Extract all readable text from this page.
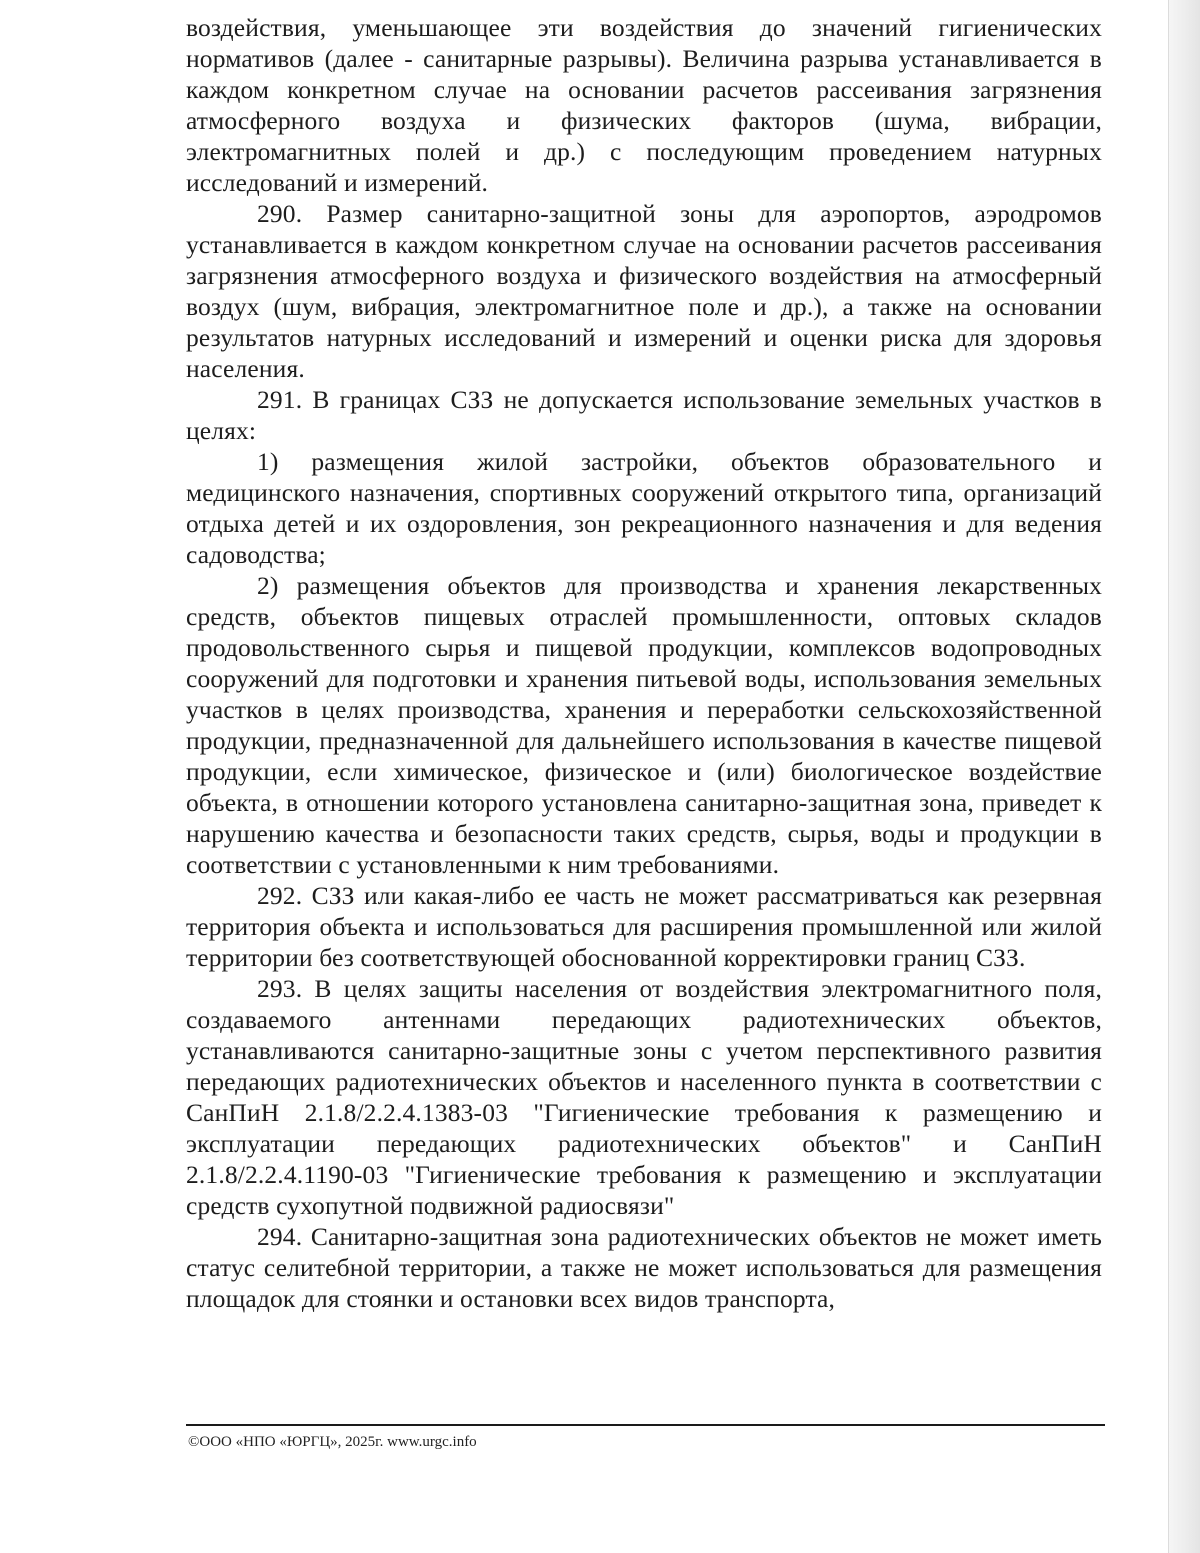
воздействия, уменьшающее эти воздействия до значений гигиенических нормативов (далее - санитарные разрывы). Величина разрыва устанавливается в каждом конкретном случае на основании расчетов рассеивания загрязнения атмосферного воздуха и физических факторов (шума, вибрации, электромагнитных полей и др.) с последующим проведением натурных исследований и измерений.

290. Размер санитарно-защитной зоны для аэропортов, аэродромов устанавливается в каждом конкретном случае на основании расчетов рассеивания загрязнения атмосферного воздуха и физического воздействия на атмосферный воздух (шум, вибрация, электромагнитное поле и др.), а также на основании результатов натурных исследований и измерений и оценки риска для здоровья населения.

291. В границах СЗЗ не допускается использование земельных участков в целях:

1) размещения жилой застройки, объектов образовательного и медицинского назначения, спортивных сооружений открытого типа, организаций отдыха детей и их оздоровления, зон рекреационного назначения и для ведения садоводства;

2) размещения объектов для производства и хранения лекарственных средств, объектов пищевых отраслей промышленности, оптовых складов продовольственного сырья и пищевой продукции, комплексов водопроводных сооружений для подготовки и хранения питьевой воды, использования земельных участков в целях производства, хранения и переработки сельскохозяйственной продукции, предназначенной для дальнейшего использования в качестве пищевой продукции, если химическое, физическое и (или) биологическое воздействие объекта, в отношении которого установлена санитарно-защитная зона, приведет к нарушению качества и безопасности таких средств, сырья, воды и продукции в соответствии с установленными к ним требованиями.

292. СЗЗ или какая-либо ее часть не может рассматриваться как резервная территория объекта и использоваться для расширения промышленной или жилой территории без соответствующей обоснованной корректировки границ СЗЗ.

293. В целях защиты населения от воздействия электромагнитного поля, создаваемого антеннами передающих радиотехнических объектов, устанавливаются санитарно-защитные зоны с учетом перспективного развития передающих радиотехнических объектов и населенного пункта в соответствии с СанПиН 2.1.8/2.2.4.1383-03 "Гигиенические требования к размещению и эксплуатации передающих радиотехнических объектов" и СанПиН 2.1.8/2.2.4.1190-03 "Гигиенические требования к размещению и эксплуатации средств сухопутной подвижной радиосвязи"

294. Санитарно-защитная зона радиотехнических объектов не может иметь статус селитебной территории, а также не может использоваться для размещения площадок для стоянки и остановки всех видов транспорта,

©ООО «НПО «ЮРГЦ», 2025г. www.urgc.info
